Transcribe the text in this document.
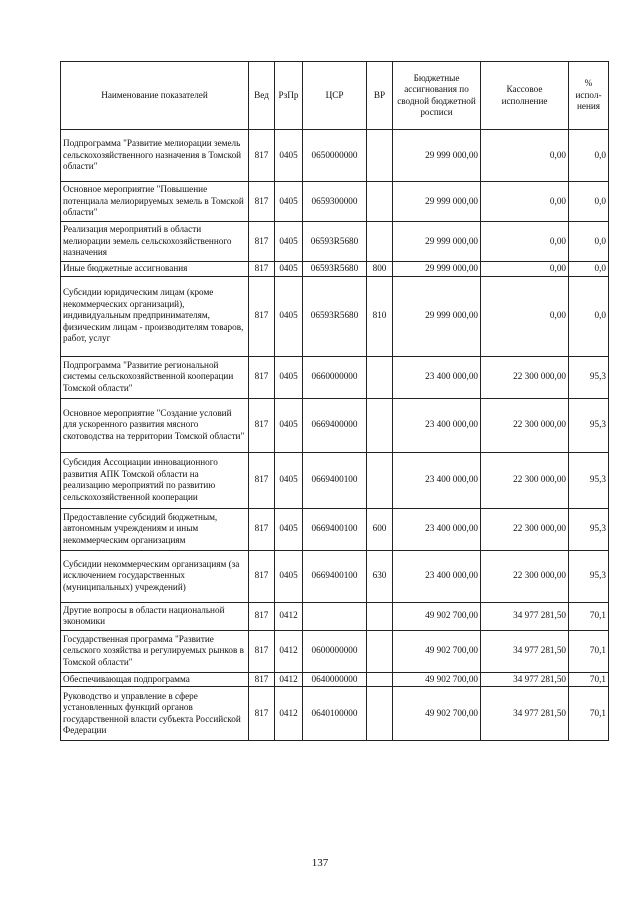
Наименование показателей	Вед	РзПр	ЦСР	ВР	Бюджетные ассигнования по сводной бюджетной росписи	Кассовое исполнение	% испол-нения
Подпрограмма "Развитие мелиорации земель сельскохозяйственного назначения в Томской области"	817	0405	0650000000		29 999 000,00	0,00	0,0
Основное мероприятие "Повышение потенциала мелиорируемых земель в Томской области"	817	0405	0659300000		29 999 000,00	0,00	0,0
Реализация мероприятий в области мелиорации земель сельскохозяйственного назначения	817	0405	06593R5680		29 999 000,00	0,00	0,0
Иные бюджетные ассигнования	817	0405	06593R5680	800	29 999 000,00	0,00	0,0
Субсидии юридическим лицам (кроме некоммерческих организаций), индивидуальным предпринимателям, физическим лицам - производителям товаров, работ, услуг	817	0405	06593R5680	810	29 999 000,00	0,00	0,0
Подпрограмма "Развитие региональной системы сельскохозяйственной кооперации Томской области"	817	0405	0660000000		23 400 000,00	22 300 000,00	95,3
Основное мероприятие "Создание условий для ускоренного развития мясного скотоводства на территории Томской области"	817	0405	0669400000		23 400 000,00	22 300 000,00	95,3
Субсидия Ассоциации инновационного развития АПК Томской области на реализацию мероприятий по развитию сельскохозяйственной кооперации	817	0405	0669400100		23 400 000,00	22 300 000,00	95,3
Предоставление субсидий бюджетным, автономным учреждениям и иным некоммерческим организациям	817	0405	0669400100	600	23 400 000,00	22 300 000,00	95,3
Субсидии некоммерческим организациям (за исключением государственных (муниципальных) учреждений)	817	0405	0669400100	630	23 400 000,00	22 300 000,00	95,3
Другие вопросы в области национальной экономики	817	0412			49 902 700,00	34 977 281,50	70,1
Государственная программа "Развитие сельского хозяйства и регулируемых рынков в Томской области"	817	0412	0600000000		49 902 700,00	34 977 281,50	70,1
Обеспечивающая подпрограмма	817	0412	0640000000		49 902 700,00	34 977 281,50	70,1
Руководство и управление в сфере установленных функций органов государственной власти субъекта Российской Федерации	817	0412	0640100000		49 902 700,00	34 977 281,50	70,1
137
